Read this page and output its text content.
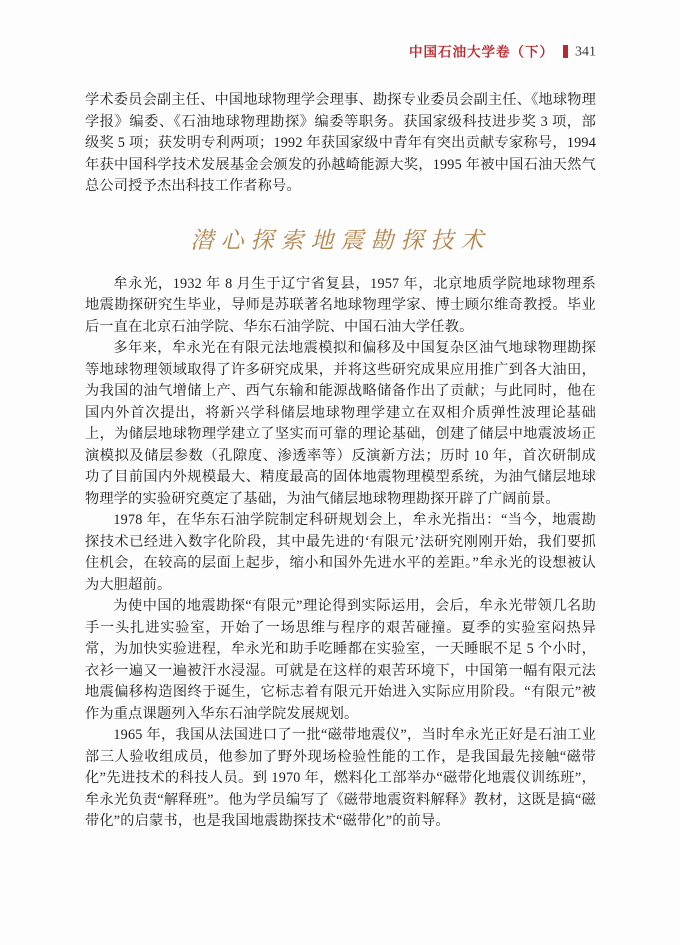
中国石油大学卷（下） 341

学术委员会副主任、中国地球物理学会理事、勘探专业委员会副主任、《地球物理学报》编委、《石油地球物理勘探》编委等职务。获国家级科技进步奖 3 项，部级奖 5 项；获发明专利两项；1992 年获国家级中青年有突出贡献专家称号，1994 年获中国科学技术发展基金会颁发的孙越崎能源大奖，1995 年被中国石油天然气总公司授予杰出科技工作者称号。

潜心探索地震勘探技术

牟永光，1932 年 8 月生于辽宁省复县，1957 年，北京地质学院地球物理系地震勘探研究生毕业，导师是苏联著名地球物理学家、博士顾尔维奇教授。毕业后一直在北京石油学院、华东石油学院、中国石油大学任教。

多年来，牟永光在有限元法地震模拟和偏移及中国复杂区油气地球物理勘探等地球物理领域取得了许多研究成果，并将这些研究成果应用推广到各大油田，为我国的油气增储上产、西气东输和能源战略储备作出了贡献；与此同时，他在国内外首次提出，将新兴学科储层地球物理学建立在双相介质弹性波理论基础上，为储层地球物理学建立了坚实而可靠的理论基础，创建了储层中地震波场正演模拟及储层参数（孔隙度、渗透率等）反演新方法；历时 10 年，首次研制成功了目前国内外规模最大、精度最高的固体地震物理模型系统，为油气储层地球物理学的实验研究奠定了基础，为油气储层地球物理勘探开辟了广阔前景。

1978 年，在华东石油学院制定科研规划会上，牟永光指出：“当今，地震勘探技术已经进入数字化阶段，其中最先进的‘有限元’法研究刚刚开始，我们要抓住机会，在较高的层面上起步，缩小和国外先进水平的差距。”牟永光的设想被认为大胆超前。

为使中国的地震勘探“有限元”理论得到实际运用，会后，牟永光带领几名助手一头扎进实验室，开始了一场思维与程序的艰苦碰撞。夏季的实验室闷热异常，为加快实验进程，牟永光和助手吃睡都在实验室，一天睡眠不足 5 个小时，衣衫一遍又一遍被汗水浸湿。可就是在这样的艰苦环境下，中国第一幅有限元法地震偏移构造图终于诞生，它标志着有限元开始进入实际应用阶段。“有限元”被作为重点课题列入华东石油学院发展规划。

1965 年，我国从法国进口了一批“磁带地震仪”，当时牟永光正好是石油工业部三人验收组成员，他参加了野外现场检验性能的工作，是我国最先接触“磁带化”先进技术的科技人员。到 1970 年，燃料化工部举办“磁带化地震仪训练班”，牟永光负责“解释班”。他为学员编写了《磁带地震资料解释》教材，这既是搞“磁带化”的启蒙书，也是我国地震勘探技术“磁带化”的前导。
